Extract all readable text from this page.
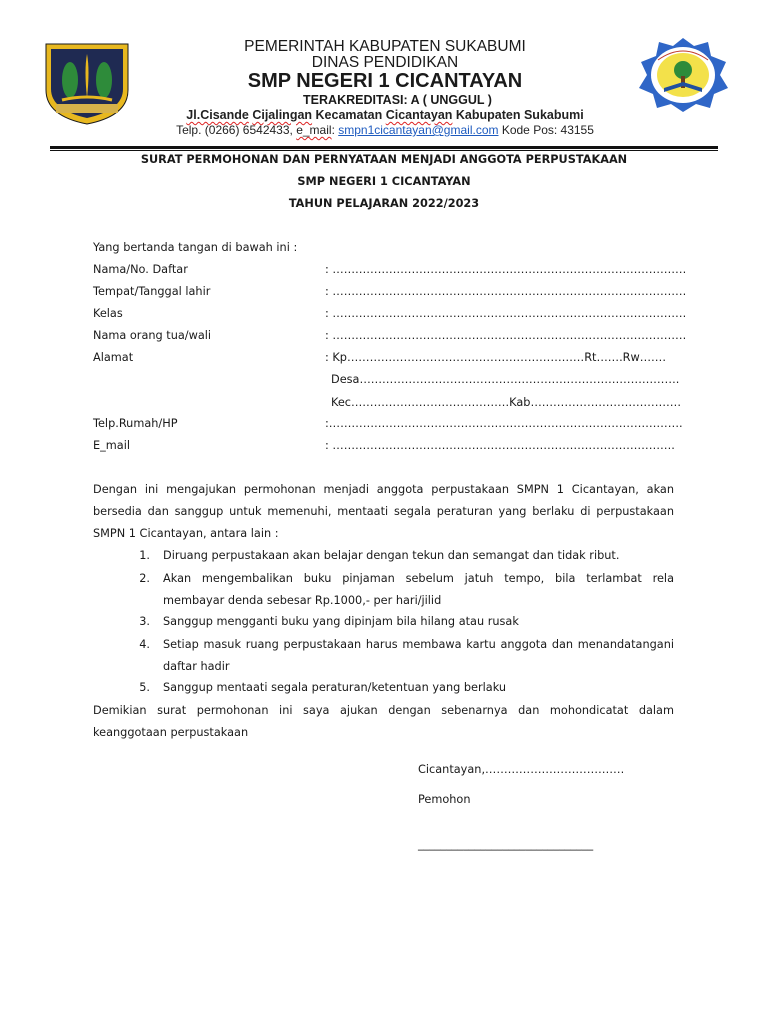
PEMERINTAH KABUPATEN SUKABUMI
DINAS PENDIDIKAN
SMP NEGERI 1 CICANTAYAN
TERAKREDITASI: A ( UNGGUL )
Jl.Cisande Cijalingan Kecamatan Cicantayan Kabupaten Sukabumi
Telp. (0266) 6542433, e_mail: smpn1cicantayan@gmail.com Kode Pos: 43155
SURAT PERMOHONAN DAN PERNYATAAN MENJADI ANGGOTA PERPUSTAKAAN
SMP NEGERI 1 CICANTAYAN
TAHUN PELAJARAN 2022/2023
Yang bertanda tangan di bawah ini :
Nama/No. Daftar	: ………………………………………………………………………………….
Tempat/Tanggal lahir	: ………………………………………………………………………………….
Kelas	: ………………………………………………………………………………….
Nama orang tua/wali	: ………………………………………………………………………………….
Alamat	: Kp………………………………………………………Rt…….Rw…….
Desa………………………………………………………………………….
Kec……………………………………Kab………………………………….
Telp.Rumah/HP	:………………………………………………………………………………….
E_mail	: ……………………………………………………………………………….
Dengan ini mengajukan permohonan menjadi anggota perpustakaan SMPN 1 Cicantayan, akan
bersedia dan sanggup untuk memenuhi, mentaati segala peraturan yang berlaku di perpustakaan
SMPN 1 Cicantayan, antara lain :
1. Diruang perpustakaan akan belajar dengan tekun dan semangat dan tidak ribut.
2. Akan mengembalikan buku pinjaman sebelum jatuh tempo, bila terlambat rela
membayar denda sebesar Rp.1000,- per hari/jilid
3. Sanggup mengganti buku yang dipinjam bila hilang atau rusak
4. Setiap masuk ruang perpustakaan harus membawa kartu anggota dan menandatangani
daftar hadir
5. Sanggup mentaati segala peraturan/ketentuan yang berlaku
Demikian surat permohonan ini saya ajukan dengan sebenarnya dan mohondicatat dalam
keanggotaan perpustakaan
Cicantayan,……………………………….
Pemohon
_______________________________
